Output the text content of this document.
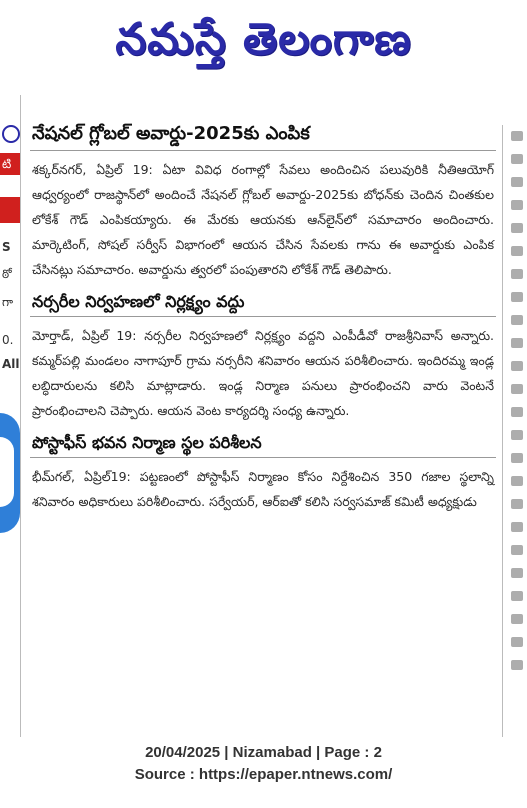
నమస్తే తెలంగాణ
టి
S
ఠో
గా
0.
All
నేషనల్ గ్లోబల్ అవార్డు-2025కు ఎంపిక

శక్కర్‌నగర్, ఏప్రిల్ 19: ఏటా వివిధ రంగాల్లో సేవలు అందించిన పలువురికి నీతిఆయోగ్ ఆధ్వర్యంలో రాజస్థాన్‌లో అందించే నేషనల్ గ్లోబల్ అవార్డు-2025కు బోధన్‌కు చెందిన చింతకుల లోకేశ్ గౌడ్ ఎంపికయ్యారు. ఈ మేరకు ఆయనకు ఆన్‌లైన్‌లో సమాచారం అందించారు. మార్కెటింగ్, సోషల్ సర్వీస్ విభాగంలో ఆయన చేసిన సేవలకు గాను ఈ అవార్డుకు ఎంపిక చేసినట్లు సమాచారం. అవార్డును త్వరలో పంపుతారని లోకేశ్ గౌడ్ తెలిపారు.

నర్సరీల నిర్వహణలో నిర్లక్ష్యం వద్దు

మోర్తాడ్, ఏప్రిల్ 19: నర్సరీల నిర్వహణలో నిర్లక్ష్యం వద్దని ఎంపీడీవో రాజశ్రీనివాస్ అన్నారు. కమ్మర్‌పల్లి మండలం నాగాపూర్ గ్రామ నర్సరీని శనివారం ఆయన పరిశీలించారు. ఇందిరమ్మ ఇండ్ల లబ్ధిదారులను కలిసి మాట్లాడారు. ఇండ్ల నిర్మాణ పనులు ప్రారంభించని వారు వెంటనే ప్రారంభించాలని చెప్పారు. ఆయన వెంట కార్యదర్శి సంధ్య ఉన్నారు.

పోస్టాఫీస్ భవన నిర్మాణ స్థల పరిశీలన

భీమ్‌గల్, ఏప్రిల్19: పట్టణంలో పోస్టాఫీస్ నిర్మాణం కోసం నిర్దేశించిన 350 గజాల స్థలాన్ని శనివారం అధికారులు పరిశీలించారు. సర్వేయర్, ఆర్‌ఐతో కలిసి సర్వసమాజ్ కమిటీ అధ్యక్షుడు

20/04/2025 | Nizamabad | Page : 2
Source : https://epaper.ntnews.com/
